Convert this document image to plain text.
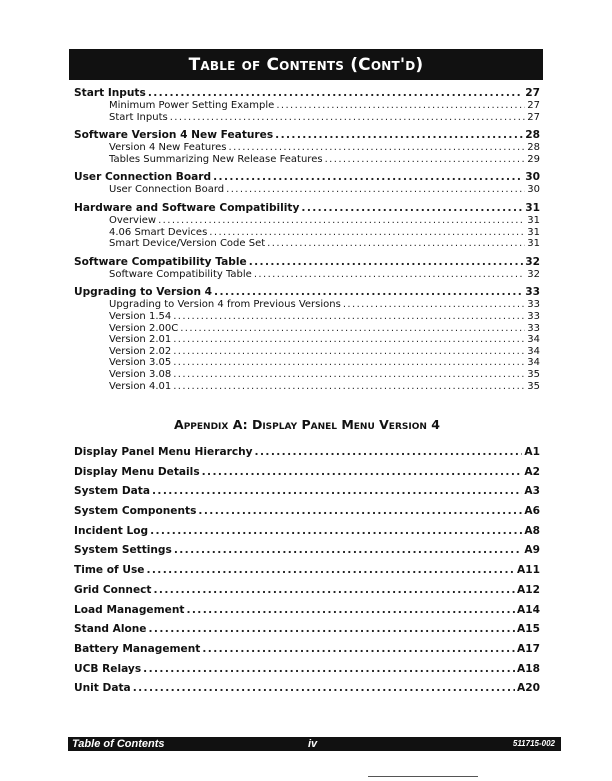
Table of Contents (Cont'd)
Start Inputs .....	27
Minimum Power Setting Example .....	27
Start Inputs .....	27
Software Version 4 New Features .....	28
Version 4 New Features .....	28
Tables Summarizing New Release Features .....	29
User Connection Board .....	30
User Connection Board .....	30
Hardware and Software Compatibility .....	31
Overview .....	31
4.06 Smart Devices .....	31
Smart Device/Version Code Set .....	31
Software Compatibility Table .....	32
Software Compatibility Table .....	32
Upgrading to Version 4 .....	33
Upgrading to Version 4 from Previous Versions .....	33
Version 1.54 .....	33
Version 2.00C .....	33
Version 2.01 .....	34
Version 2.02 .....	34
Version 3.05 .....	34
Version 3.08 .....	35
Version 4.01 .....	35
Appendix A: Display Panel Menu Version 4
Display Panel Menu Hierarchy .....	A1
Display Menu Details .....	A2
System Data .....	A3
System Components .....	A6
Incident Log .....	A8
System Settings .....	A9
Time of Use .....	A11
Grid Connect .....	A12
Load Management .....	A14
Stand Alone .....	A15
Battery Management .....	A17
UCB Relays .....	A18
Unit Data .....	A20
Table of Contents	iv	511715-002
